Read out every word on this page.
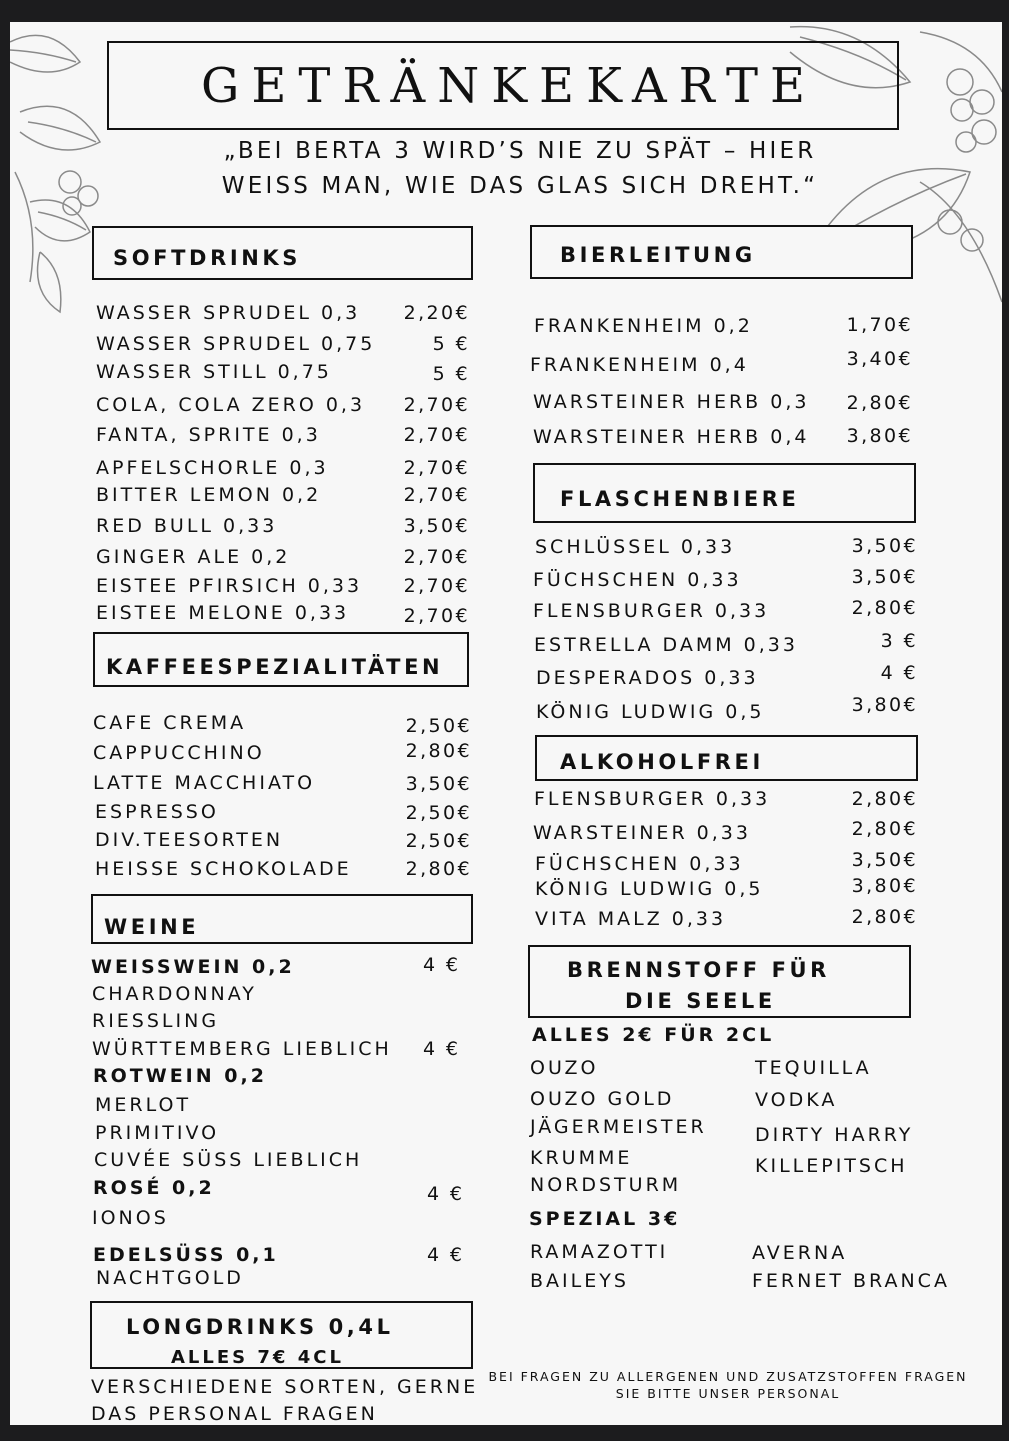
GETRÄNKEKARTE
„BEI BERTA 3 WIRD’S NIE ZU SPÄT – HIER
WEISS MAN, WIE DAS GLAS SICH DREHT.“
SOFTDRINKS
WASSER SPRUDEL 0,3 2,20€
WASSER SPRUDEL 0,75	5 €
WASSER STILL 0,75	5 €
COLA, COLA ZERO 0,3 2,70€
FANTA, SPRITE 0,3	2,70€
APFELSCHORLE 0,3	2,70€
BITTER LEMON 0,2	2,70€
RED BULL 0,33	3,50€
GINGER ALE 0,2	2,70€
EISTEE PFIRSICH 0,33 2,70€
EISTEE MELONE 0,33	2,70€
KAFFEESPEZIALITÄTEN
CAFE CREMA	2,50€
CAPPUCCHINO	2,80€
LATTE MACCHIATO	3,50€
ESPRESSO	2,50€
DIV.TEESORTEN	2,50€
HEISSE SCHOKOLADE	2,80€
WEINE
WEISSWEIN 0,2	4 €
CHARDONNAY
RIESSLING
WÜRTTEMBERG LIEBLICH 4 €
ROTWEIN 0,2
MERLOT
PRIMITIVO
CUVÉE SÜSS LIEBLICH
ROSÉ 0,2	4 €
IONOS
EDELSÜSS 0,1	4 €
NACHTGOLD
LONGDRINKS 0,4L
ALLES 7€ 4CL
VERSCHIEDENE SORTEN, GERNE
DAS PERSONAL FRAGEN
BIERLEITUNG
FRANKENHEIM 0,2	1,70€
FRANKENHEIM 0,4	3,40€
WARSTEINER HERB 0,3 2,80€
WARSTEINER HERB 0,4 3,80€
FLASCHENBIERE
SCHLÜSSEL 0,33	3,50€
FÜCHSCHEN 0,33	3,50€
FLENSBURGER 0,33	2,80€
ESTRELLA DAMM 0,33	3 €
DESPERADOS 0,33	4 €
KÖNIG LUDWIG 0,5	3,80€
ALKOHOLFREI
FLENSBURGER 0,33	2,80€
WARSTEINER 0,33	2,80€
FÜCHSCHEN 0,33	3,50€
KÖNIG LUDWIG 0,5	3,80€
VITA MALZ 0,33	2,80€
BRENNSTOFF FÜR
DIE SEELE
ALLES 2€ FÜR 2CL
OUZO
OUZO GOLD
JÄGERMEISTER
KRUMME
NORDSTURM
TEQUILLA
VODKA
DIRTY HARRY
KILLEPITSCH
SPEZIAL 3€
RAMAZOTTI
BAILEYS
AVERNA
FERNET BRANCA
BEI FRAGEN ZU ALLERGENEN UND ZUSATZSTOFFEN FRAGEN
SIE BITTE UNSER PERSONAL
